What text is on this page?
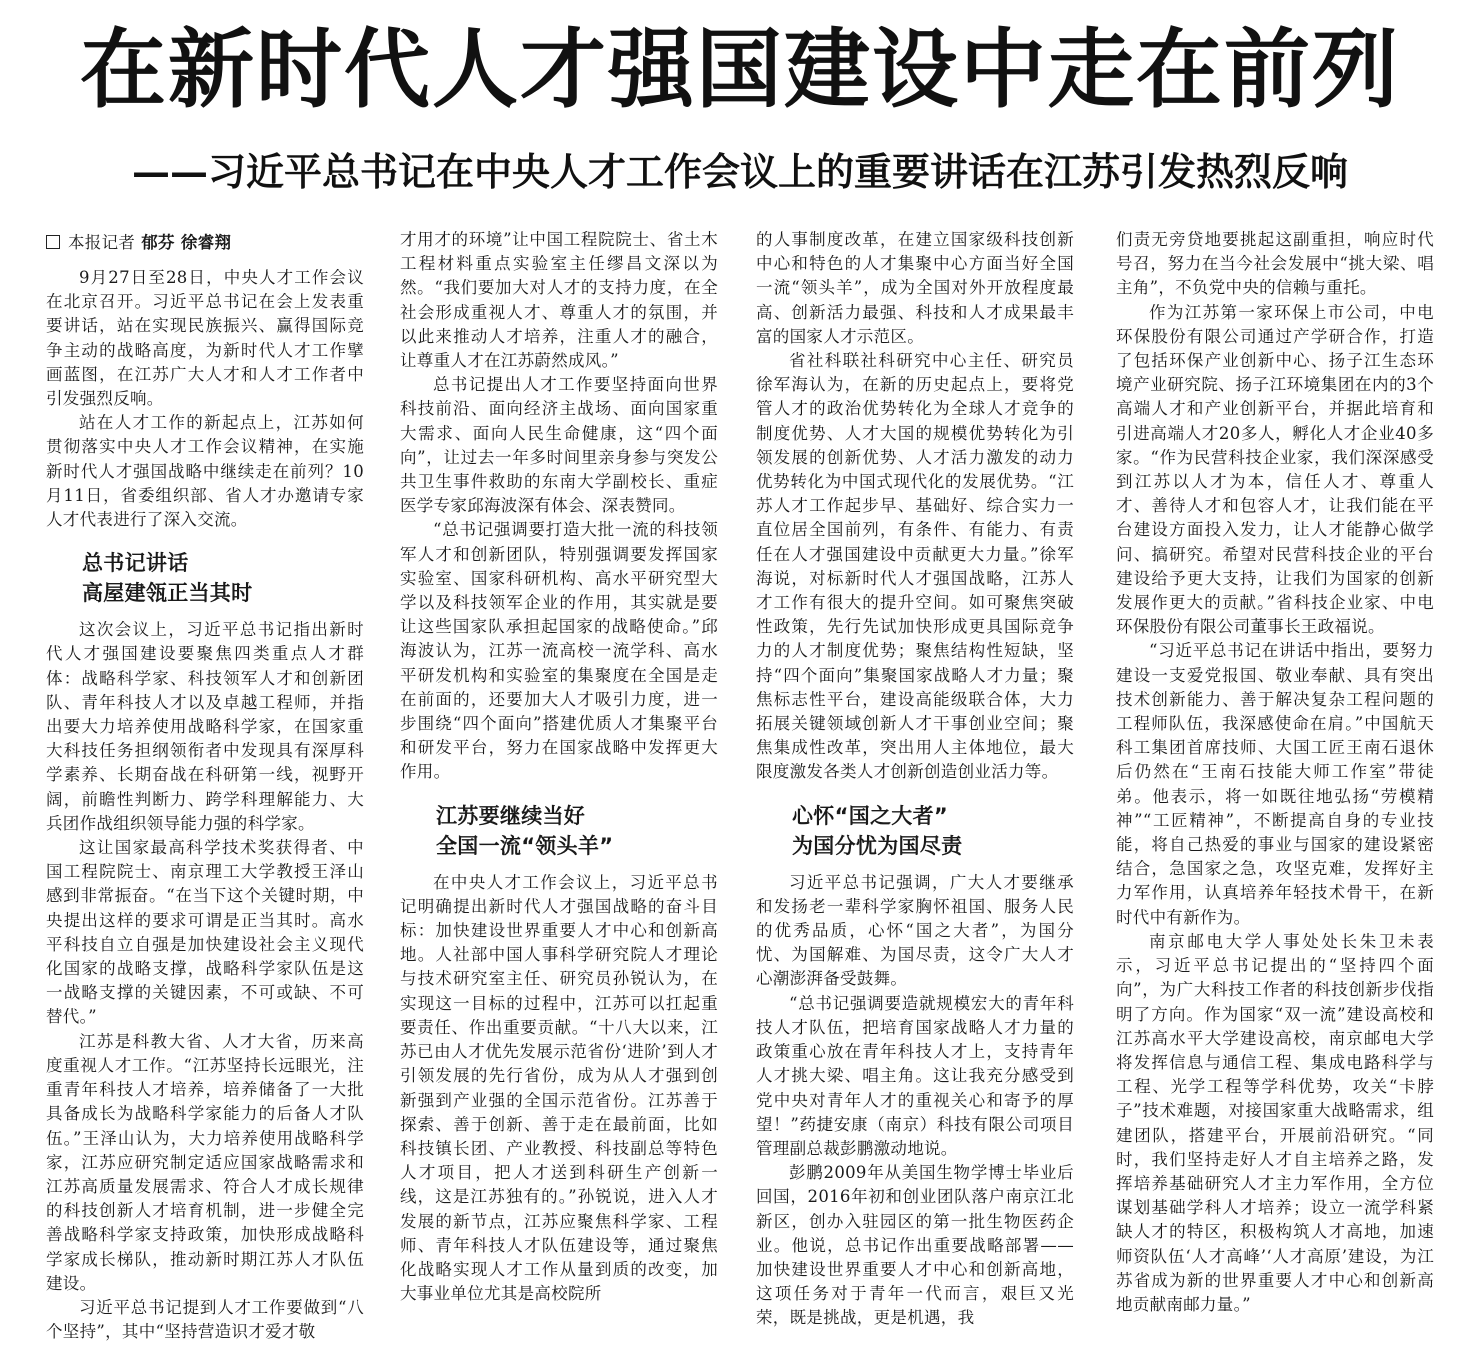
在新时代人才强国建设中走在前列
——习近平总书记在中央人才工作会议上的重要讲话在江苏引发热烈反响
本报记者 郁芬 徐睿翔

9月27日至28日，中央人才工作会议在北京召开。习近平总书记在会上发表重要讲话，站在实现民族振兴、赢得国际竞争主动的战略高度，为新时代人才工作擘画蓝图，在江苏广大人才和人才工作者中引发强烈反响。

站在人才工作的新起点上，江苏如何贯彻落实中央人才工作会议精神，在实施新时代人才强国战略中继续走在前列？10月11日，省委组织部、省人才办邀请专家人才代表进行了深入交流。

总书记讲话
高屋建瓴正当其时

这次会议上，习近平总书记指出新时代人才强国建设要聚焦四类重点人才群体：战略科学家、科技领军人才和创新团队、青年科技人才以及卓越工程师，并指出要大力培养使用战略科学家，在国家重大科技任务担纲领衔者中发现具有深厚科学素养、长期奋战在科研第一线，视野开阔，前瞻性判断力、跨学科理解能力、大兵团作战组织领导能力强的科学家。

这让国家最高科学技术奖获得者、中国工程院院士、南京理工大学教授王泽山感到非常振奋。“在当下这个关键时期，中央提出这样的要求可谓是正当其时。高水平科技自立自强是加快建设社会主义现代化国家的战略支撑，战略科学家队伍是这一战略支撑的关键因素，不可或缺、不可替代。”

江苏是科教大省、人才大省，历来高度重视人才工作。“江苏坚持长远眼光，注重青年科技人才培养，培养储备了一大批具备成长为战略科学家能力的后备人才队伍。”王泽山认为，大力培养使用战略科学家，江苏应研究制定适应国家战略需求和江苏高质量发展需求、符合人才成长规律的科技创新人才培育机制，进一步健全完善战略科学家支持政策，加快形成战略科学家成长梯队，推动新时期江苏人才队伍建设。

习近平总书记提到人才工作要做到“八个坚持”，其中“坚持营造识才爱才敬

才用才的环境”让中国工程院院士、省土木工程材料重点实验室主任缪昌文深以为然。“我们要加大对人才的支持力度，在全社会形成重视人才、尊重人才的氛围，并以此来推动人才培养，注重人才的融合，让尊重人才在江苏蔚然成风。”

总书记提出人才工作要坚持面向世界科技前沿、面向经济主战场、面向国家重大需求、面向人民生命健康，这“四个面向”，让过去一年多时间里亲身参与突发公共卫生事件救助的东南大学副校长、重症医学专家邱海波深有体会、深表赞同。

“总书记强调要打造大批一流的科技领军人才和创新团队，特别强调要发挥国家实验室、国家科研机构、高水平研究型大学以及科技领军企业的作用，其实就是要让这些国家队承担起国家的战略使命。”邱海波认为，江苏一流高校一流学科、高水平研发机构和实验室的集聚度在全国是走在前面的，还要加大人才吸引力度，进一步围绕“四个面向”搭建优质人才集聚平台和研发平台，努力在国家战略中发挥更大作用。

江苏要继续当好
全国一流“领头羊”

在中央人才工作会议上，习近平总书记明确提出新时代人才强国战略的奋斗目标：加快建设世界重要人才中心和创新高地。人社部中国人事科学研究院人才理论与技术研究室主任、研究员孙锐认为，在实现这一目标的过程中，江苏可以扛起重要责任、作出重要贡献。“十八大以来，江苏已由人才优先发展示范省份‘进阶’到人才引领发展的先行省份，成为从人才强到创新强到产业强的全国示范省份。江苏善于探索、善于创新、善于走在最前面，比如科技镇长团、产业教授、科技副总等特色人才项目，把人才送到科研生产创新一线，这是江苏独有的。”孙锐说，进入人才发展的新节点，江苏应聚焦科学家、工程师、青年科技人才队伍建设等，通过聚焦化战略实现人才工作从量到质的改变，加大事业单位尤其是高校院所

的人事制度改革，在建立国家级科技创新中心和特色的人才集聚中心方面当好全国一流“领头羊”，成为全国对外开放程度最高、创新活力最强、科技和人才成果最丰富的国家人才示范区。

省社科联社科研究中心主任、研究员徐军海认为，在新的历史起点上，要将党管人才的政治优势转化为全球人才竞争的制度优势、人才大国的规模优势转化为引领发展的创新优势、人才活力激发的动力优势转化为中国式现代化的发展优势。“江苏人才工作起步早、基础好、综合实力一直位居全国前列，有条件、有能力、有责任在人才强国建设中贡献更大力量。”徐军海说，对标新时代人才强国战略，江苏人才工作有很大的提升空间。如可聚焦突破性政策，先行先试加快形成更具国际竞争力的人才制度优势；聚焦结构性短缺，坚持“四个面向”集聚国家战略人才力量；聚焦标志性平台，建设高能级联合体，大力拓展关键领域创新人才干事创业空间；聚焦集成性改革，突出用人主体地位，最大限度激发各类人才创新创造创业活力等。

心怀“国之大者”
为国分忧为国尽责

习近平总书记强调，广大人才要继承和发扬老一辈科学家胸怀祖国、服务人民的优秀品质，心怀“国之大者”，为国分忧、为国解难、为国尽责，这令广大人才心潮澎湃备受鼓舞。

“总书记强调要造就规模宏大的青年科技人才队伍，把培育国家战略人才力量的政策重心放在青年科技人才上，支持青年人才挑大梁、唱主角。这让我充分感受到党中央对青年人才的重视关心和寄予的厚望！”药捷安康（南京）科技有限公司项目管理副总裁彭鹏激动地说。

彭鹏2009年从美国生物学博士毕业后回国，2016年初和创业团队落户南京江北新区，创办入驻园区的第一批生物医药企业。他说，总书记作出重要战略部署——加快建设世界重要人才中心和创新高地，这项任务对于青年一代而言，艰巨又光荣，既是挑战，更是机遇，我

们责无旁贷地要挑起这副重担，响应时代号召，努力在当今社会发展中“挑大梁、唱主角”，不负党中央的信赖与重托。

作为江苏第一家环保上市公司，中电环保股份有限公司通过产学研合作，打造了包括环保产业创新中心、扬子江生态环境产业研究院、扬子江环境集团在内的3个高端人才和产业创新平台，并据此培育和引进高端人才20多人，孵化人才企业40多家。“作为民营科技企业家，我们深深感受到江苏以人才为本，信任人才、尊重人才、善待人才和包容人才，让我们能在平台建设方面投入发力，让人才能静心做学问、搞研究。希望对民营科技企业的平台建设给予更大支持，让我们为国家的创新发展作更大的贡献。”省科技企业家、中电环保股份有限公司董事长王政福说。

“习近平总书记在讲话中指出，要努力建设一支爱党报国、敬业奉献、具有突出技术创新能力、善于解决复杂工程问题的工程师队伍，我深感使命在肩。”中国航天科工集团首席技师、大国工匠王南石退休后仍然在“王南石技能大师工作室”带徒弟。他表示，将一如既往地弘扬“劳模精神”“工匠精神”，不断提高自身的专业技能，将自己热爱的事业与国家的建设紧密结合，急国家之急，攻坚克难，发挥好主力军作用，认真培养年轻技术骨干，在新时代中有新作为。

南京邮电大学人事处处长朱卫未表示，习近平总书记提出的“坚持四个面向”，为广大科技工作者的科技创新步伐指明了方向。作为国家“双一流”建设高校和江苏高水平大学建设高校，南京邮电大学将发挥信息与通信工程、集成电路科学与工程、光学工程等学科优势，攻关“卡脖子”技术难题，对接国家重大战略需求，组建团队，搭建平台，开展前沿研究。“同时，我们坚持走好人才自主培养之路，发挥培养基础研究人才主力军作用，全方位谋划基础学科人才培养；设立一流学科紧缺人才的特区，积极构筑人才高地，加速师资队伍‘人才高峰’‘人才高原’建设，为江苏省成为新的世界重要人才中心和创新高地贡献南邮力量。”
